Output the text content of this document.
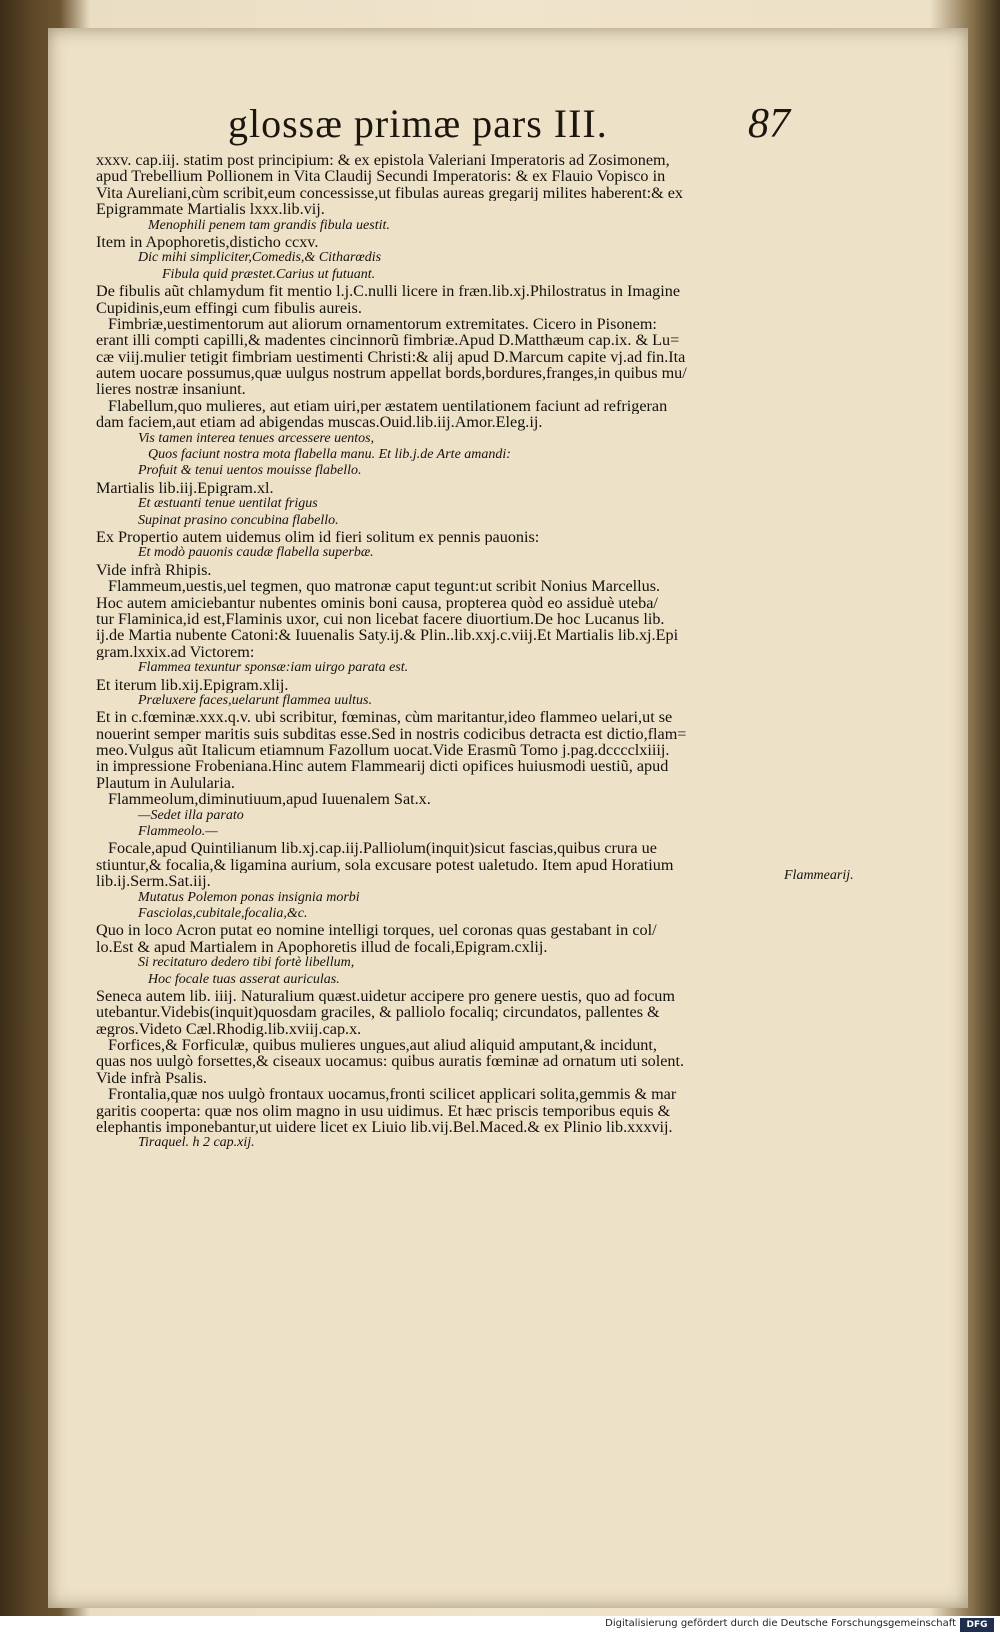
glossæ primæ pars III.	87
xxxv. cap.iij. statim post principium: & ex epistola Valeriani Imperatoris ad Zosimonem,
apud Trebellium Pollionem in Vita Claudij Secundi Imperatoris: & ex Flauio Vopisco in
Vita Aureliani,cùm scribit,eum concessisse,ut fibulas aureas gregarij milites haberent:& ex
Epigrammate Martialis lxxx.lib.vij.
Menophili penem tam grandis fibula uestit.
Item in Apophoretis,disticho ccxv.
Dic mihi simpliciter,Comedis,& Citharœdis
Fibula quid præstet.Carius ut futuant.
De fibulis aũt chlamydum fit mentio l.j.C.nulli licere in fræn.lib.xj.Philostratus in Imagine
Cupidinis,eum effingi cum fibulis aureis.
Fimbriæ,uestimentorum aut aliorum ornamentorum extremitates. Cicero in Pisonem:
erant illi compti capilli,& madentes cincinnorũ fimbriæ.Apud D.Matthæum cap.ix. & Lu=
cæ viij.mulier tetigit fimbriam uestimenti Christi:& alij apud D.Marcum capite vj.ad fin.Ita
autem uocare possumus,quæ uulgus nostrum appellat bords,bordures,franges,in quibus mu/
lieres nostræ insaniunt.
Flabellum,quo mulieres, aut etiam uiri,per æstatem uentilationem faciunt ad refrigeran
dam faciem,aut etiam ad abigendas muscas.Ouid.lib.iij.Amor.Eleg.ij.
Vis tamen interea tenues arcessere uentos,
Quos faciunt nostra mota flabella manu. Et lib.j.de Arte amandi:
Profuit & tenui uentos mouisse flabello.
Martialis lib.iij.Epigram.xl.
Et æstuanti tenue uentilat frigus
Supinat prasino concubina flabello.
Ex Propertio autem uidemus olim id fieri solitum ex pennis pauonis:
Et modò pauonis caudæ flabella superbæ.
Vide infrà Rhipis.
Flammeum,uestis,uel tegmen, quo matronæ caput tegunt:ut scribit Nonius Marcellus.
Hoc autem amiciebantur nubentes ominis boni causa, propterea quòd eo assiduè uteba/
tur Flaminica,id est,Flaminis uxor, cui non licebat facere diuortium.De hoc Lucanus lib.
ij.de Martia nubente Catoni:& Iuuenalis Saty.ij.& Plin..lib.xxj.c.viij.Et Martialis lib.xj.Epi
gram.lxxix.ad Victorem:
Flammea texuntur sponsæ:iam uirgo parata est.
Et iterum lib.xij.Epigram.xlij.
Præluxere faces,uelarunt flammea uultus.
Et in c.fœminæ.xxx.q.v. ubi scribitur, fœminas, cùm maritantur,ideo flammeo uelari,ut se
nouerint semper maritis suis subditas esse.Sed in nostris codicibus detracta est dictio,flam=
meo.Vulgus aũt Italicum etiamnum Fazollum uocat.Vide Erasmũ Tomo j.pag.dcccclxiiij.
in impressione Frobeniana.Hinc autem Flammearij dicti opifices huiusmodi uestiũ, apud
Plautum in Aulularia.
Flammeolum,diminutiuum,apud Iuuenalem Sat.x.
—Sedet illa parato
Flammeolo.—
Focale,apud Quintilianum lib.xj.cap.iij.Palliolum(inquit)sicut fascias,quibus crura ue
stiuntur,& focalia,& ligamina aurium, sola excusare potest ualetudo. Item apud Horatium
lib.ij.Serm.Sat.iij.
Mutatus Polemon ponas insignia morbi
Fasciolas,cubitale,focalia,&c.
Quo in loco Acron putat eo nomine intelligi torques, uel coronas quas gestabant in col/
lo.Est & apud Martialem in Apophoretis illud de focali,Epigram.cxlij.
Si recitaturo dedero tibi fortè libellum,
Hoc focale tuas asserat auriculas.
Seneca autem lib. iiij. Naturalium quæst.uidetur accipere pro genere uestis, quo ad focum
utebantur.Videbis(inquit)quosdam graciles, & palliolo focaliq; circundatos, pallentes &
ægros.Videto Cæl.Rhodig.lib.xviij.cap.x.
Forfices,& Forficulæ, quibus mulieres ungues,aut aliud aliquid amputant,& incidunt,
quas nos uulgò forsettes,& ciseaux uocamus: quibus auratis fœminæ ad ornatum uti solent.
Vide infrà Psalis.
Frontalia,quæ nos uulgò frontaux uocamus,fronti scilicet applicari solita,gemmis & mar
garitis cooperta: quæ nos olim magno in usu uidimus. Et hæc priscis temporibus equis &
elephantis imponebantur,ut uidere licet ex Liuio lib.vij.Bel.Maced.& ex Plinio lib.xxxvij.
Tiraquel. h 2 cap.xij.
Flammearij.
Digitalisierung gefördert durch die Deutsche Forschungsgemeinschaft	DFG
